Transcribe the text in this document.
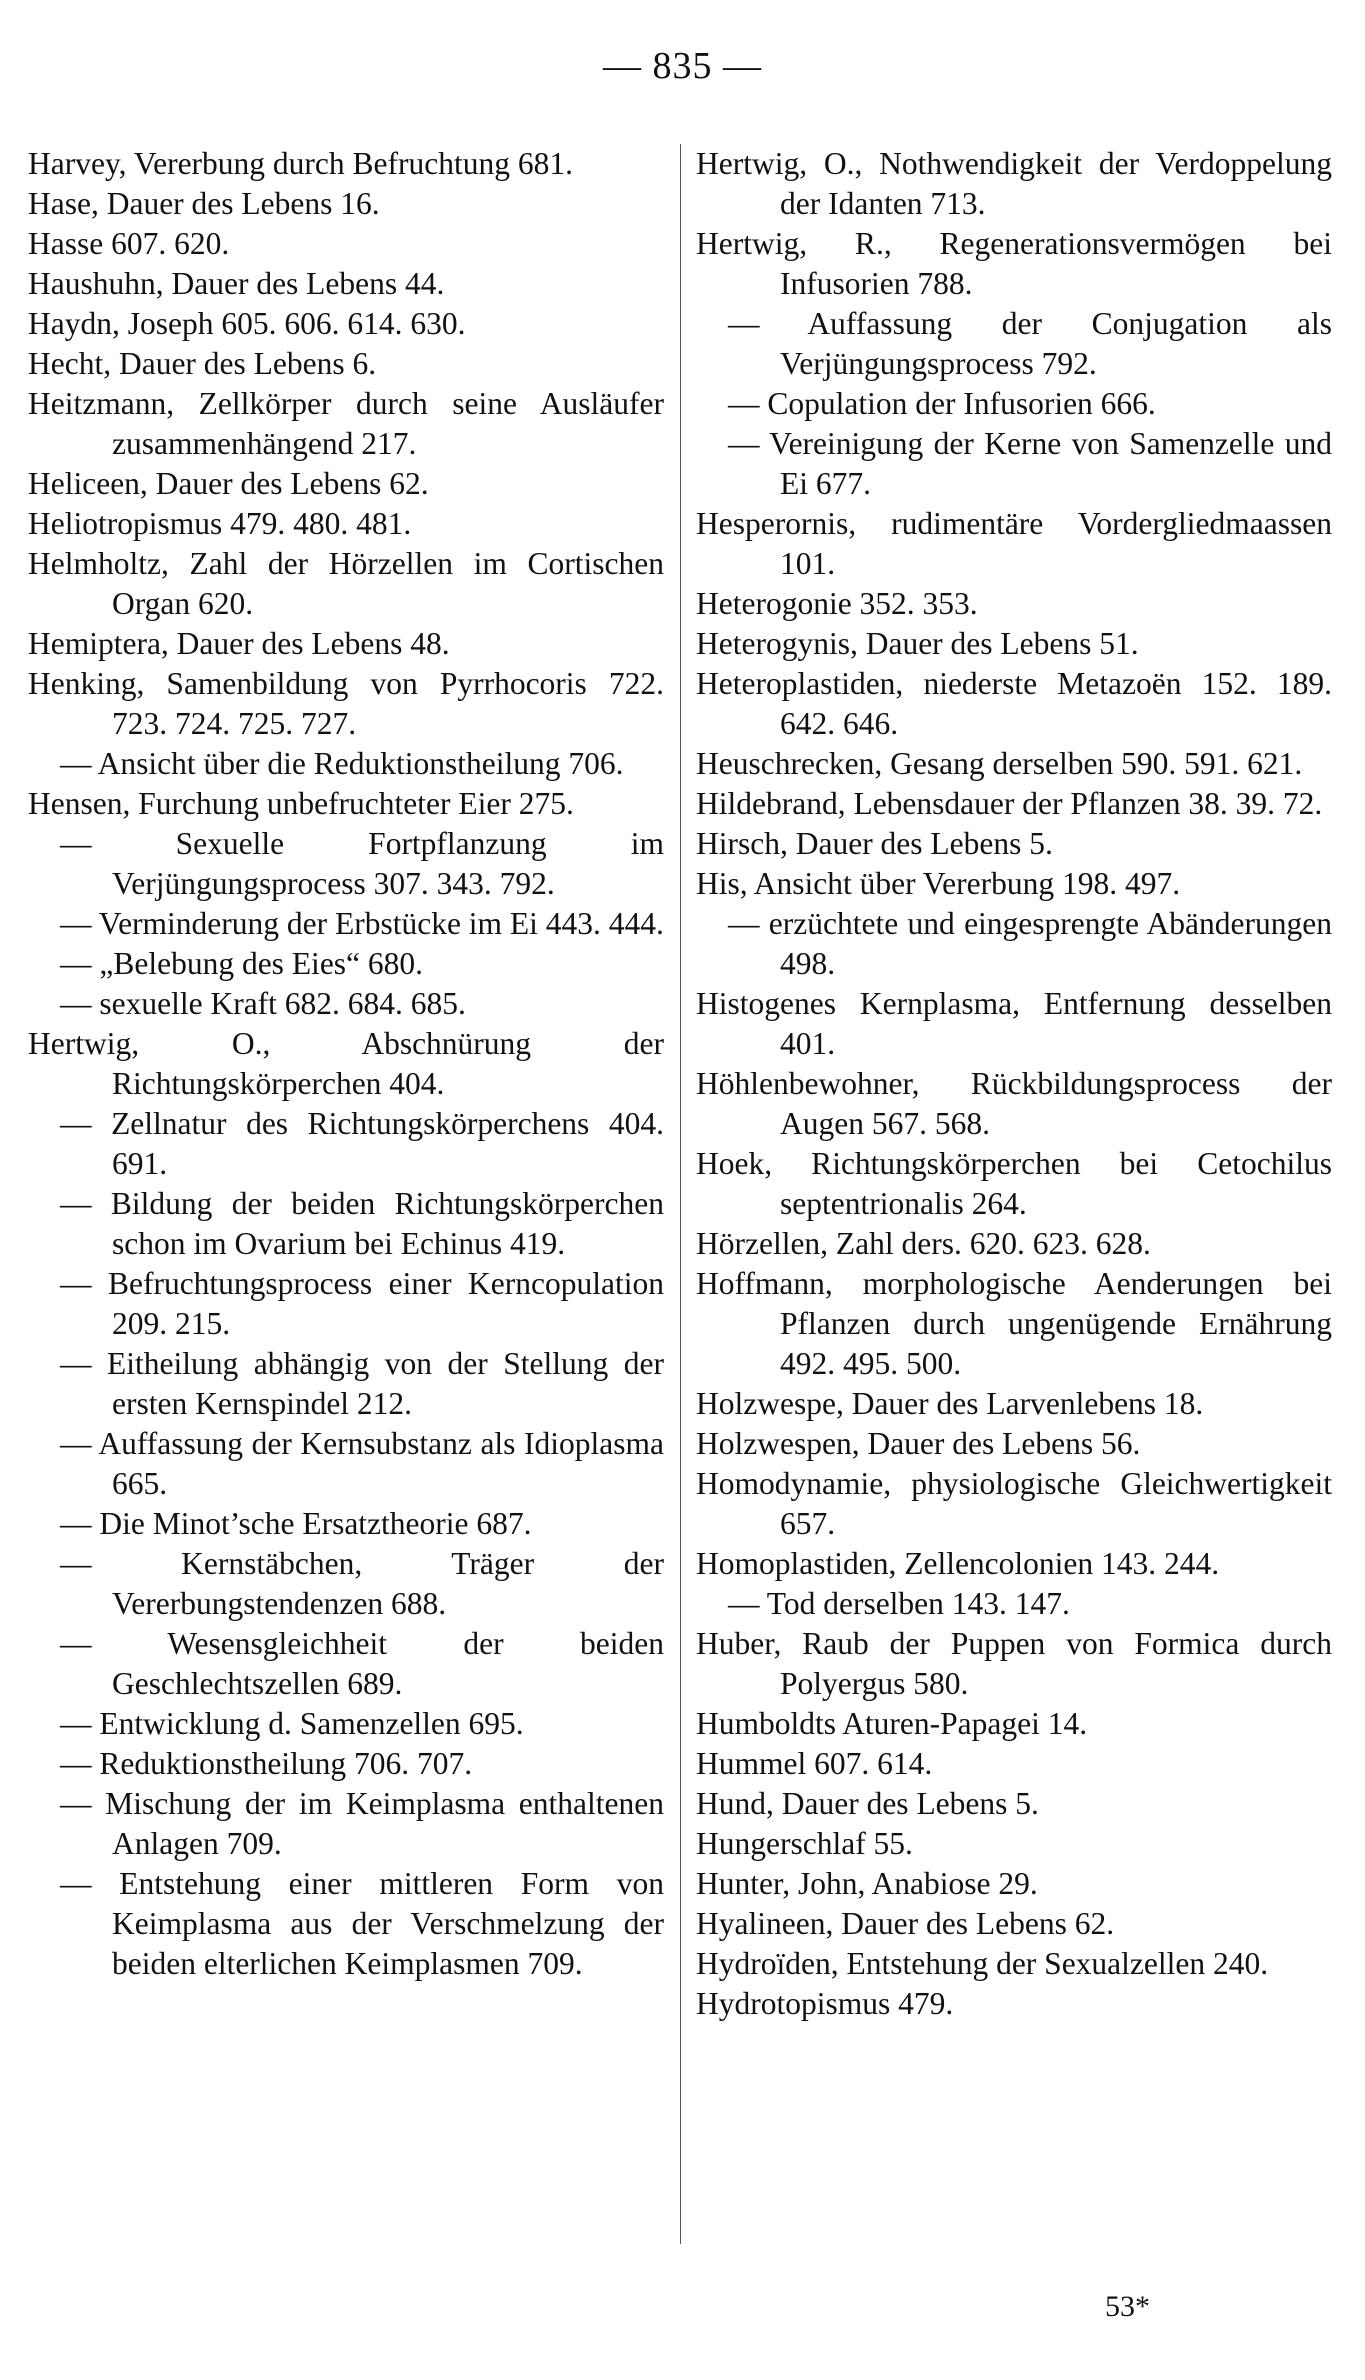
— 835 —

Harvey, Vererbung durch Befruchtung 681.

Hase, Dauer des Lebens 16.

Hasse 607. 620.

Haushuhn, Dauer des Lebens 44.

Haydn, Joseph 605. 606. 614. 630.

Hecht, Dauer des Lebens 6.

Heitzmann, Zellkörper durch seine Ausläufer zusammenhängend 217.

Heliceen, Dauer des Lebens 62.

Heliotropismus 479. 480. 481.

Helmholtz, Zahl der Hörzellen im Cortischen Organ 620.

Hemiptera, Dauer des Lebens 48.

Henking, Samenbildung von Pyrrhocoris 722. 723. 724. 725. 727.

— Ansicht über die Reduktionstheilung 706.

Hensen, Furchung unbefruchteter Eier 275.

— Sexuelle Fortpflanzung im Verjüngungsprocess 307. 343. 792.

— Verminderung der Erbstücke im Ei 443. 444.

— „Belebung des Eies“ 680.

— sexuelle Kraft 682. 684. 685.

Hertwig, O., Abschnürung der Richtungskörperchen 404.

— Zellnatur des Richtungskörperchens 404. 691.

— Bildung der beiden Richtungskörperchen schon im Ovarium bei Echinus 419.

— Befruchtungsprocess einer Kerncopulation 209. 215.

— Eitheilung abhängig von der Stellung der ersten Kernspindel 212.

— Auffassung der Kernsubstanz als Idioplasma 665.

— Die Minot’sche Ersatztheorie 687.

— Kernstäbchen, Träger der Vererbungstendenzen 688.

— Wesensgleichheit der beiden Geschlechtszellen 689.

— Entwicklung d. Samenzellen 695.

— Reduktionstheilung 706. 707.

— Mischung der im Keimplasma enthaltenen Anlagen 709.

— Entstehung einer mittleren Form von Keimplasma aus der Verschmelzung der beiden elterlichen Keimplasmen 709.

Hertwig, O., Nothwendigkeit der Verdoppelung der Idanten 713.

Hertwig, R., Regenerationsvermögen bei Infusorien 788.

— Auffassung der Conjugation als Verjüngungsprocess 792.

— Copulation der Infusorien 666.

— Vereinigung der Kerne von Samenzelle und Ei 677.

Hesperornis, rudimentäre Vordergliedmaassen 101.

Heterogonie 352. 353.

Heterogynis, Dauer des Lebens 51.

Heteroplastiden, niederste Metazoën 152. 189. 642. 646.

Heuschrecken, Gesang derselben 590. 591. 621.

Hildebrand, Lebensdauer der Pflanzen 38. 39. 72.

Hirsch, Dauer des Lebens 5.

His, Ansicht über Vererbung 198. 497.

— erzüchtete und eingesprengte Abänderungen 498.

Histogenes Kernplasma, Entfernung desselben 401.

Höhlenbewohner, Rückbildungsprocess der Augen 567. 568.

Hoek, Richtungskörperchen bei Cetochilus septentrionalis 264.

Hörzellen, Zahl ders. 620. 623. 628.

Hoffmann, morphologische Aenderungen bei Pflanzen durch ungenügende Ernährung 492. 495. 500.

Holzwespe, Dauer des Larvenlebens 18.

Holzwespen, Dauer des Lebens 56.

Homodynamie, physiologische Gleichwertigkeit 657.

Homoplastiden, Zellencolonien 143. 244.

— Tod derselben 143. 147.

Huber, Raub der Puppen von Formica durch Polyergus 580.

Humboldts Aturen-Papagei 14.

Hummel 607. 614.

Hund, Dauer des Lebens 5.

Hungerschlaf 55.

Hunter, John, Anabiose 29.

Hyalineen, Dauer des Lebens 62.

Hydroïden, Entstehung der Sexualzellen 240.

Hydrotopismus 479.

53*
